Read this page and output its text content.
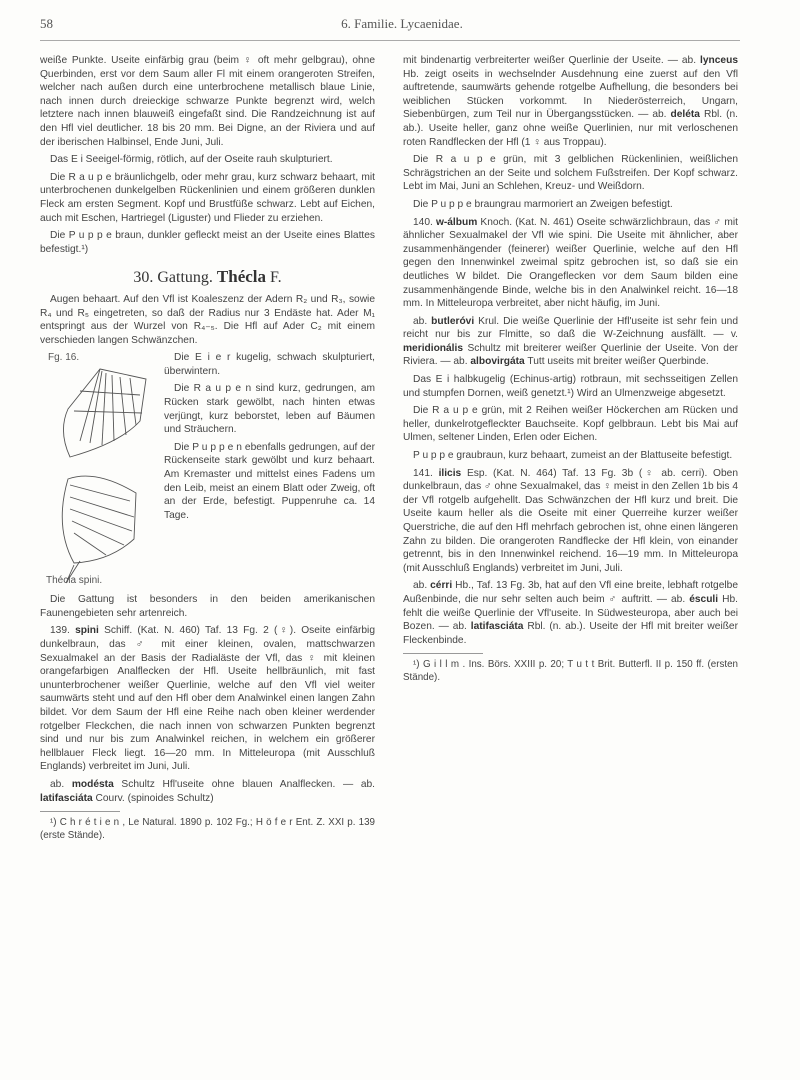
58	6. Familie. Lycaenidae.

weiße Punkte. Useite einfärbig grau (beim ♀ oft mehr gelbgrau), ohne Querbinden, erst vor dem Saum aller Fl mit einem orangeroten Streifen, welcher nach außen durch eine unterbrochene metallisch blaue Linie, nach innen durch dreieckige schwarze Punkte begrenzt wird, welch letztere nach innen blauweiß eingefaßt sind. Die Randzeichnung ist auf den Hfl viel deutlicher. 18 bis 20 mm. Bei Digne, an der Riviera und auf der iberischen Halbinsel, Ende Juni, Juli.

Das E i Seeigel-förmig, rötlich, auf der Oseite rauh skulpturiert.

Die R a u p e bräunlichgelb, oder mehr grau, kurz schwarz behaart, mit unterbrochenen dunkelgelben Rückenlinien und einem größeren dunklen Fleck am ersten Segment. Kopf und Brustfüße schwarz. Lebt auf Eichen, auch mit Eschen, Hartriegel (Liguster) und Flieder zu erziehen.

Die P u p p e braun, dunkler gefleckt meist an der Useite eines Blattes befestigt.¹)

30. Gattung. Thécla F.

Augen behaart. Auf den Vfl ist Koaleszenz der Adern R₂ und R₃, sowie R₄ und R₅ eingetreten, so daß der Radius nur 3 Endäste hat. Ader M₁ entspringt aus der Wurzel von R₄₋₅. Die Hfl auf Ader C₂ mit einem verschieden langen Schwänzchen.

Fg. 16.
Thécla spini.

Die E i e r kugelig, schwach skulpturiert, überwintern.

Die R a u p e n sind kurz, gedrungen, am Rücken stark gewölbt, nach hinten etwas verjüngt, kurz beborstet, leben auf Bäumen und Sträuchern.

Die P u p p e n ebenfalls gedrungen, auf der Rückenseite stark gewölbt und kurz behaart. Am Kremaster und mittelst eines Fadens um den Leib, meist an einem Blatt oder Zweig, oft an der Erde, befestigt. Puppenruhe ca. 14 Tage.

Die Gattung ist besonders in den beiden amerikanischen Faunengebieten sehr artenreich.

139. spini Schiff. (Kat. N. 460) Taf. 13 Fg. 2 (♀). Oseite einfärbig dunkelbraun, das ♂ mit einer kleinen, ovalen, mattschwarzen Sexualmakel an der Basis der Radialäste der Vfl, das ♀ mit kleinen orangefarbigen Analflecken der Hfl. Useite hellbräunlich, mit fast ununterbrochener weißer Querlinie, welche auf den Vfl viel weiter saumwärts steht und auf den Hfl ober dem Analwinkel einen langen Zahn bildet. Vor dem Saum der Hfl eine Reihe nach oben kleiner werdender rotgelber Fleckchen, die nach innen von schwarzen Punkten begrenzt sind und nur bis zum Analwinkel reichen, in welchem ein größerer hellblauer Fleck liegt. 16—20 mm. In Mitteleuropa (mit Ausschluß Englands) verbreitet im Juni, Juli.

ab. modésta Schultz Hfl'useite ohne blauen Analflecken. — ab. latifasciáta Courv. (spinoides Schultz)

¹) C h r é t i e n , Le Natural. 1890 p. 102 Fg.; H ö f e r Ent. Z. XXI p. 139 (erste Stände).

mit bindenartig verbreiterter weißer Querlinie der Useite. — ab. lynceus Hb. zeigt oseits in wechselnder Ausdehnung eine zuerst auf den Vfl auftretende, saumwärts gehende rotgelbe Aufhellung, die besonders bei weiblichen Stücken vorkommt. In Niederösterreich, Ungarn, Siebenbürgen, zum Teil nur in Übergangsstücken. — ab. deléta Rbl. (n. ab.). Useite heller, ganz ohne weiße Querlinien, nur mit verloschenen roten Randflecken der Hfl (1 ♀ aus Troppau).

Die R a u p e grün, mit 3 gelblichen Rückenlinien, weißlichen Schrägstrichen an der Seite und solchem Fußstreifen. Der Kopf schwarz. Lebt im Mai, Juni an Schlehen, Kreuz- und Weißdorn.

Die P u p p e braungrau marmoriert an Zweigen befestigt.

140. w-álbum Knoch. (Kat. N. 461) Oseite schwärzlichbraun, das ♂ mit ähnlicher Sexualmakel der Vfl wie spini. Die Useite mit ähnlicher, aber zusammenhängender (feinerer) weißer Querlinie, welche auf den Hfl gegen den Innenwinkel zweimal spitz gebrochen ist, so daß sie ein deutliches W bildet. Die Orangeflecken vor dem Saum bilden eine zusammenhängende Binde, welche bis in den Analwinkel reicht. 16—18 mm. In Mitteleuropa verbreitet, aber nicht häufig, im Juni.

ab. butleróvi Krul. Die weiße Querlinie der Hfl'useite ist sehr fein und reicht nur bis zur Flmitte, so daß die W-Zeichnung ausfällt. — v. meridionális Schultz mit breiterer weißer Querlinie der Useite. Von der Riviera. — ab. albovirgáta Tutt useits mit breiter weißer Querbinde.

Das E i halbkugelig (Echinus-artig) rotbraun, mit sechsseitigen Zellen und stumpfen Dornen, weiß genetzt.¹) Wird an Ulmenzweige abgesetzt.

Die R a u p e grün, mit 2 Reihen weißer Höckerchen am Rücken und heller, dunkelrotgefleckter Bauchseite. Kopf gelbbraun. Lebt bis Mai auf Ulmen, seltener Linden, Erlen oder Eichen.

P u p p e graubraun, kurz behaart, zumeist an der Blattuseite befestigt.

141. ilicis Esp. (Kat. N. 464) Taf. 13 Fg. 3b (♀ ab. cerri). Oben dunkelbraun, das ♂ ohne Sexualmakel, das ♀ meist in den Zellen 1b bis 4 der Vfl rotgelb aufgehellt. Das Schwänzchen der Hfl kurz und breit. Die Useite kaum heller als die Oseite mit einer Querreihe kurzer weißer Querstriche, die auf den Hfl mehrfach gebrochen ist, ohne einen längeren Zahn zu bilden. Die orangeroten Randflecke der Hfl klein, von einander getrennt, bis in den Innenwinkel reichend. 16—19 mm. In Mitteleuropa (mit Ausschluß Englands) verbreitet im Juni, Juli.

ab. cérri Hb., Taf. 13 Fg. 3b, hat auf den Vfl eine breite, lebhaft rotgelbe Außenbinde, die nur sehr selten auch beim ♂ auftritt. — ab. ésculi Hb. fehlt die weiße Querlinie der Vfl'useite. In Südwesteuropa, aber auch bei Bozen. — ab. latifasciáta Rbl. (n. ab.). Useite der Hfl mit breiter weißer Fleckenbinde.

¹) G i l l m . Ins. Börs. XXIII p. 20; T u t t Brit. Butterfl. II p. 150 ff. (ersten Stände).
